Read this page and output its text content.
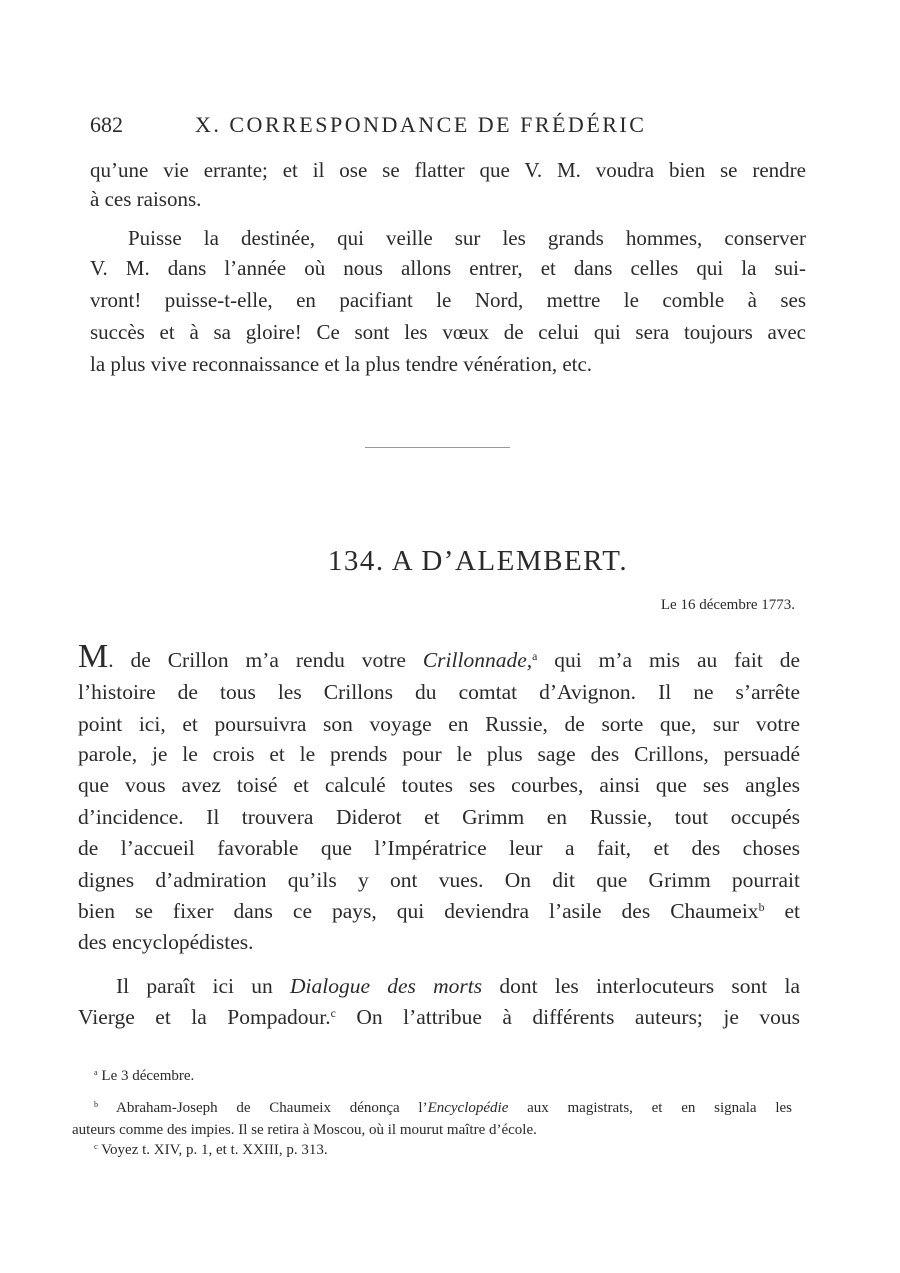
682	X. CORRESPONDANCE DE FRÉDÉRIC
qu’une vie errante; et il ose se flatter que V. M. voudra bien se rendre
à ces raisons.
Puisse la destinée, qui veille sur les grands hommes, conserver
V. M. dans l’année où nous allons entrer, et dans celles qui la sui-
vront! puisse-t-elle, en pacifiant le Nord, mettre le comble à ses
succès et à sa gloire! Ce sont les vœux de celui qui sera toujours avec
la plus vive reconnaissance et la plus tendre vénération, etc.
134. A D’ALEMBERT.
Le 16 décembre 1773.
M. de Crillon m’a rendu votre Crillonnade,$^a$ qui m’a mis au fait de
l’histoire de tous les Crillons du comtat d’Avignon. Il ne s’arrête
point ici, et poursuivra son voyage en Russie, de sorte que, sur votre
parole, je le crois et le prends pour le plus sage des Crillons, persuadé
que vous avez toisé et calculé toutes ses courbes, ainsi que ses angles
d’incidence. Il trouvera Diderot et Grimm en Russie, tout occupés
de l’accueil favorable que l’Impératrice leur a fait, et des choses
dignes d’admiration qu’ils y ont vues. On dit que Grimm pourrait
bien se fixer dans ce pays, qui deviendra l’asile des Chaumeix$^b$ et
des encyclopédistes.
Il paraît ici un Dialogue des morts dont les interlocuteurs sont la
Vierge et la Pompadour.$^c$ On l’attribue à différents auteurs; je vous
$^a$ Le 3 décembre.
$^b$ Abraham-Joseph de Chaumeix dénonça l’Encyclopédie aux magistrats, et en signala les
auteurs comme des impies. Il se retira à Moscou, où il mourut maître d’école.
$^c$ Voyez t. XIV, p. 1, et t. XXIII, p. 313.
